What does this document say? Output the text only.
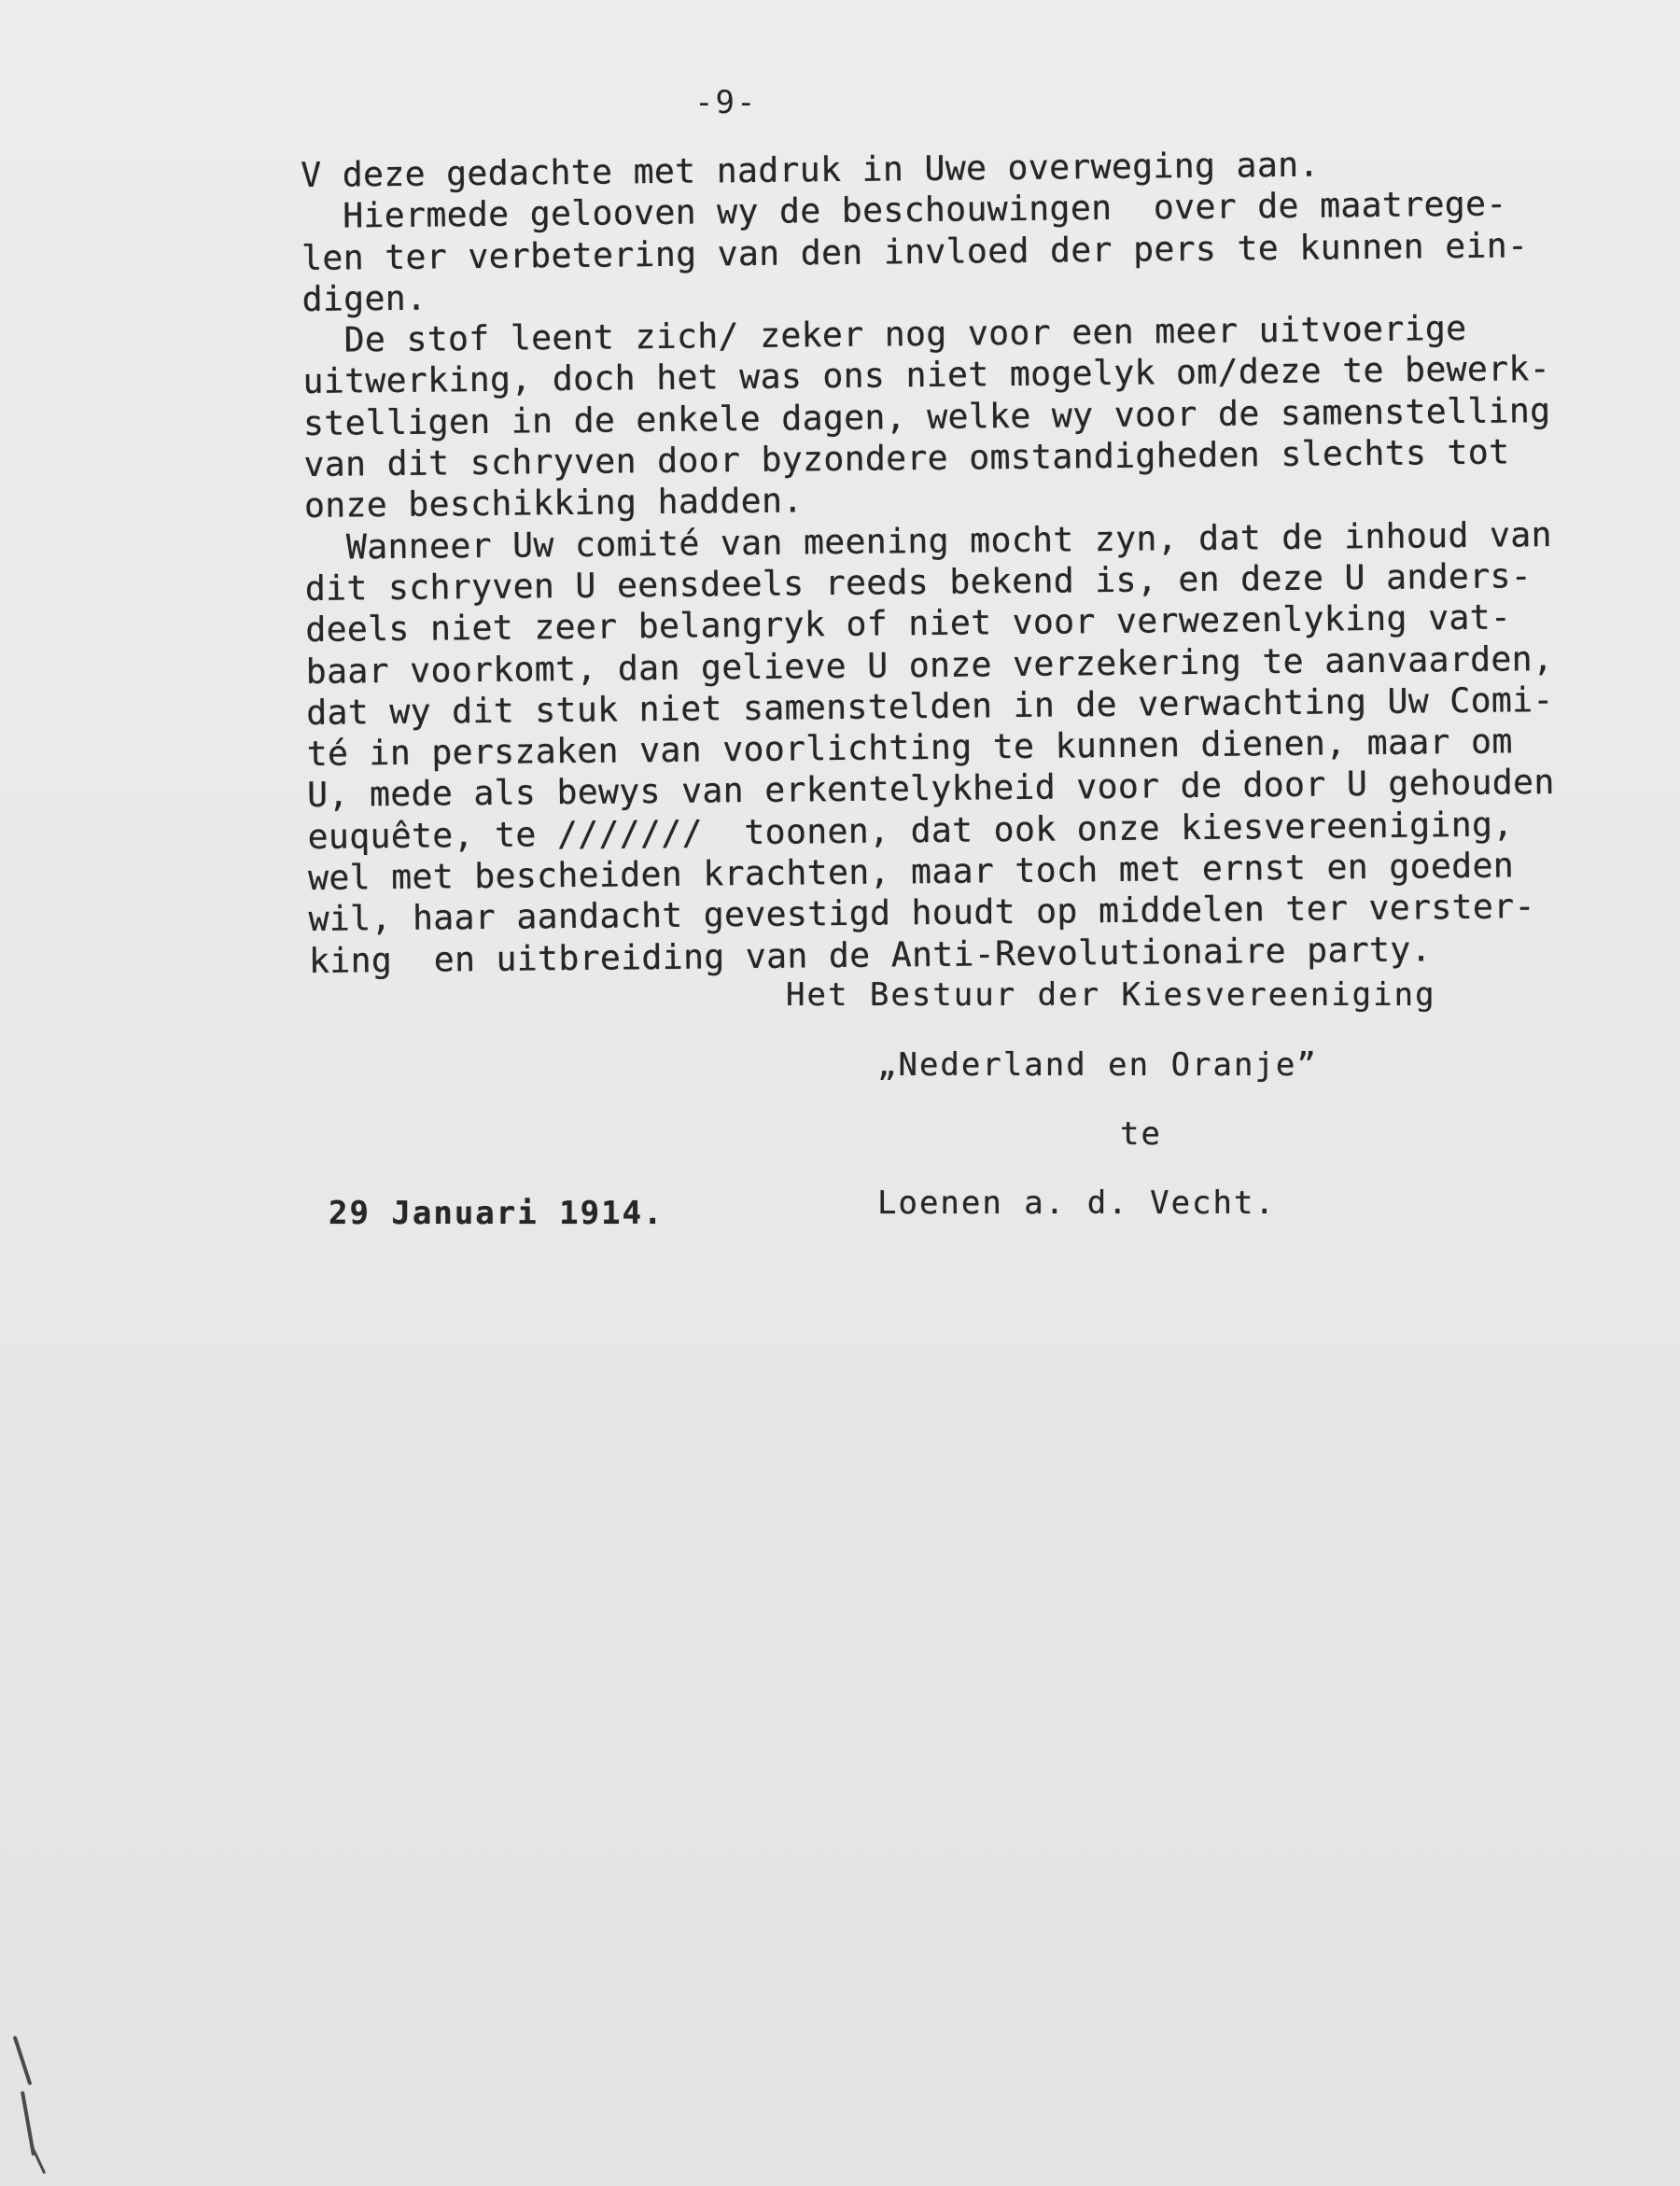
-9-
V deze gedachte met nadruk in Uwe overweging aan.
Hiermede gelooven wy de beschouwingen  over de maatrege-
len ter verbetering van den invloed der pers te kunnen ein-
digen.
De stof leent zich/ zeker nog voor een meer uitvoerige
uitwerking, doch het was ons niet mogelyk om/deze te bewerk-
stelligen in de enkele dagen, welke wy voor de samenstelling
van dit schryven door byzondere omstandigheden slechts tot
onze beschikking hadden.
Wanneer Uw comité van meening mocht zyn, dat de inhoud van
dit schryven U eensdeels reeds bekend is, en deze U anders-
deels niet zeer belangryk of niet voor verwezenlyking vat-
baar voorkomt, dan gelieve U onze verzekering te aanvaarden,
dat wy dit stuk niet samenstelden in de verwachting Uw Comi-
té in perszaken van voorlichting te kunnen dienen, maar om
U, mede als bewys van erkentelykheid voor de door U gehouden
euquête, te ///////  toonen, dat ook onze kiesvereeniging,
wel met bescheiden krachten, maar toch met ernst en goeden
wil, haar aandacht gevestigd houdt op middelen ter verster-
king  en uitbreiding van de Anti-Revolutionaire party.
Het Bestuur der Kiesvereeniging
„Nederland en Oranje”
te
Loenen a. d. Vecht.
29 Januari 1914.
